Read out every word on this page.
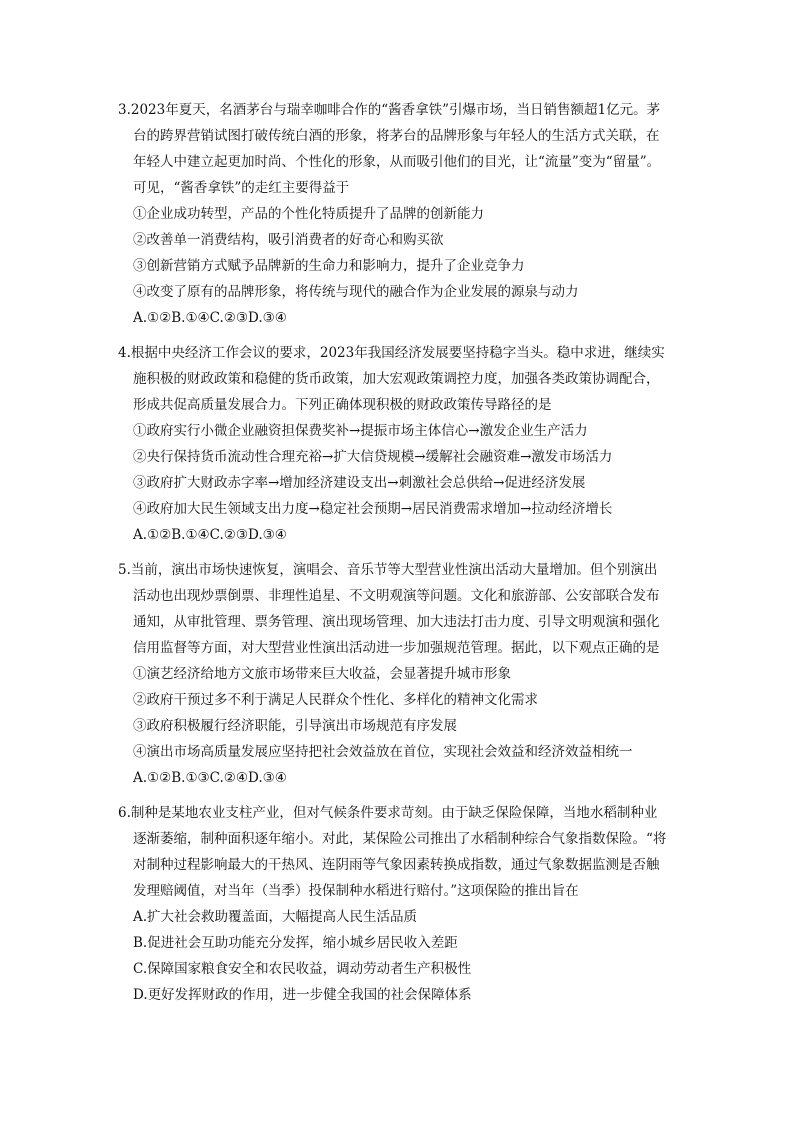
3.2023年夏天，名酒茅台与瑞幸咖啡合作的“酱香拿铁”引爆市场，当日销售额超1亿元。茅
台的跨界营销试图打破传统白酒的形象，将茅台的品牌形象与年轻人的生活方式关联，在
年轻人中建立起更加时尚、个性化的形象，从而吸引他们的目光，让“流量”变为“留量”。
可见，“酱香拿铁”的走红主要得益于
①企业成功转型，产品的个性化特质提升了品牌的创新能力
②改善单一消费结构，吸引消费者的好奇心和购买欲
③创新营销方式赋予品牌新的生命力和影响力，提升了企业竞争力
④改变了原有的品牌形象，将传统与现代的融合作为企业发展的源泉与动力
A.①②B.①④C.②③D.③④
4.根据中央经济工作会议的要求，2023年我国经济发展要坚持稳字当头。稳中求进，继续实
施积极的财政政策和稳健的货币政策，加大宏观政策调控力度，加强各类政策协调配合，
形成共促高质量发展合力。下列正确体现积极的财政政策传导路径的是
①政府实行小微企业融资担保费奖补→提振市场主体信心→激发企业生产活力
②央行保持货币流动性合理充裕→扩大信贷规模→缓解社会融资难→激发市场活力
③政府扩大财政赤字率→增加经济建设支出→刺激社会总供给→促进经济发展
④政府加大民生领域支出力度→稳定社会预期→居民消费需求增加→拉动经济增长
A.①②B.①④C.②③D.③④
5.当前，演出市场快速恢复，演唱会、音乐节等大型营业性演出活动大量增加。但个别演出
活动也出现炒票倒票、非理性追星、不文明观演等问题。文化和旅游部、公安部联合发布
通知，从审批管理、票务管理、演出现场管理、加大违法打击力度、引导文明观演和强化
信用监督等方面，对大型营业性演出活动进一步加强规范管理。据此，以下观点正确的是
①演艺经济给地方文旅市场带来巨大收益，会显著提升城市形象
②政府干预过多不利于满足人民群众个性化、多样化的精神文化需求
③政府积极履行经济职能，引导演出市场规范有序发展
④演出市场高质量发展应坚持把社会效益放在首位，实现社会效益和经济效益相统一
A.①②B.①③C.②④D.③④
6.制种是某地农业支柱产业，但对气候条件要求苛刻。由于缺乏保险保障，当地水稻制种业
逐渐萎缩，制种面积逐年缩小。对此，某保险公司推出了水稻制种综合气象指数保险。“将
对制种过程影响最大的干热风、连阴雨等气象因素转换成指数，通过气象数据监测是否触
发理赔阈值，对当年（当季）投保制种水稻进行赔付。”这项保险的推出旨在
A.扩大社会救助覆盖面，大幅提高人民生活品质
B.促进社会互助功能充分发挥，缩小城乡居民收入差距
C.保障国家粮食安全和农民收益，调动劳动者生产积极性
D.更好发挥财政的作用，进一步健全我国的社会保障体系
